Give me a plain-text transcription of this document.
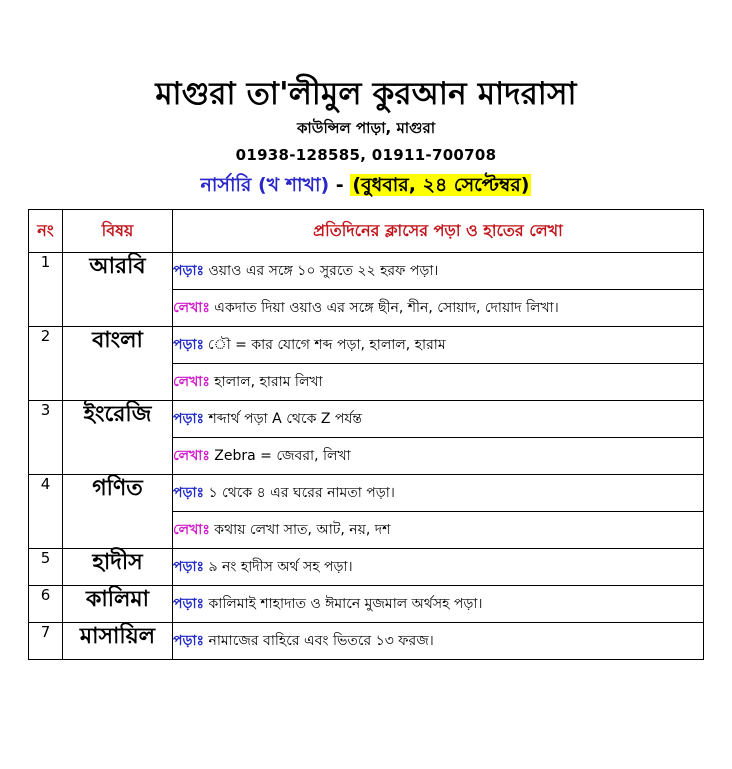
মাগুরা তা'লীমুল কুরআন মাদরাসা
কাউন্সিল পাড়া, মাগুরা
01938-128585, 01911-700708
নার্সারি (খ শাখা) - (বুধবার, ২৪ সেপ্টেম্বর)
নং	বিষয়	প্রতিদিনের ক্লাসের পড়া ও হাতের লেখা
1	আরবি	পড়াঃ ওয়াও এর সঙ্গে ১০ সুরতে ২২ হরফ পড়া।
		লেখাঃ একদাত দিয়া ওয়াও এর সঙ্গে ছীন, শীন, সোয়াদ, দোয়াদ লিখা।
2	বাংলা	পড়াঃ ৌ = কার যোগে শব্দ পড়া, হালাল, হারাম
		লেখাঃ হালাল, হারাম লিখা
3	ইংরেজি	পড়াঃ শব্দার্থ পড়া A থেকে Z পর্যন্ত
		লেখাঃ Zebra = জেবরা, লিখা
4	গণিত	পড়াঃ ১ থেকে ৪ এর ঘরের নামতা পড়া।
		লেখাঃ কথায় লেখা সাত, আট, নয়, দশ
5	হাদীস	পড়াঃ ৯ নং হাদীস অর্থ সহ পড়া।
6	কালিমা	পড়াঃ কালিমাই শাহাদাত ও ঈমানে মুজমাল অর্থসহ পড়া।
7	মাসায়িল	পড়াঃ নামাজের বাহিরে এবং ভিতরে ১৩ ফরজ।
